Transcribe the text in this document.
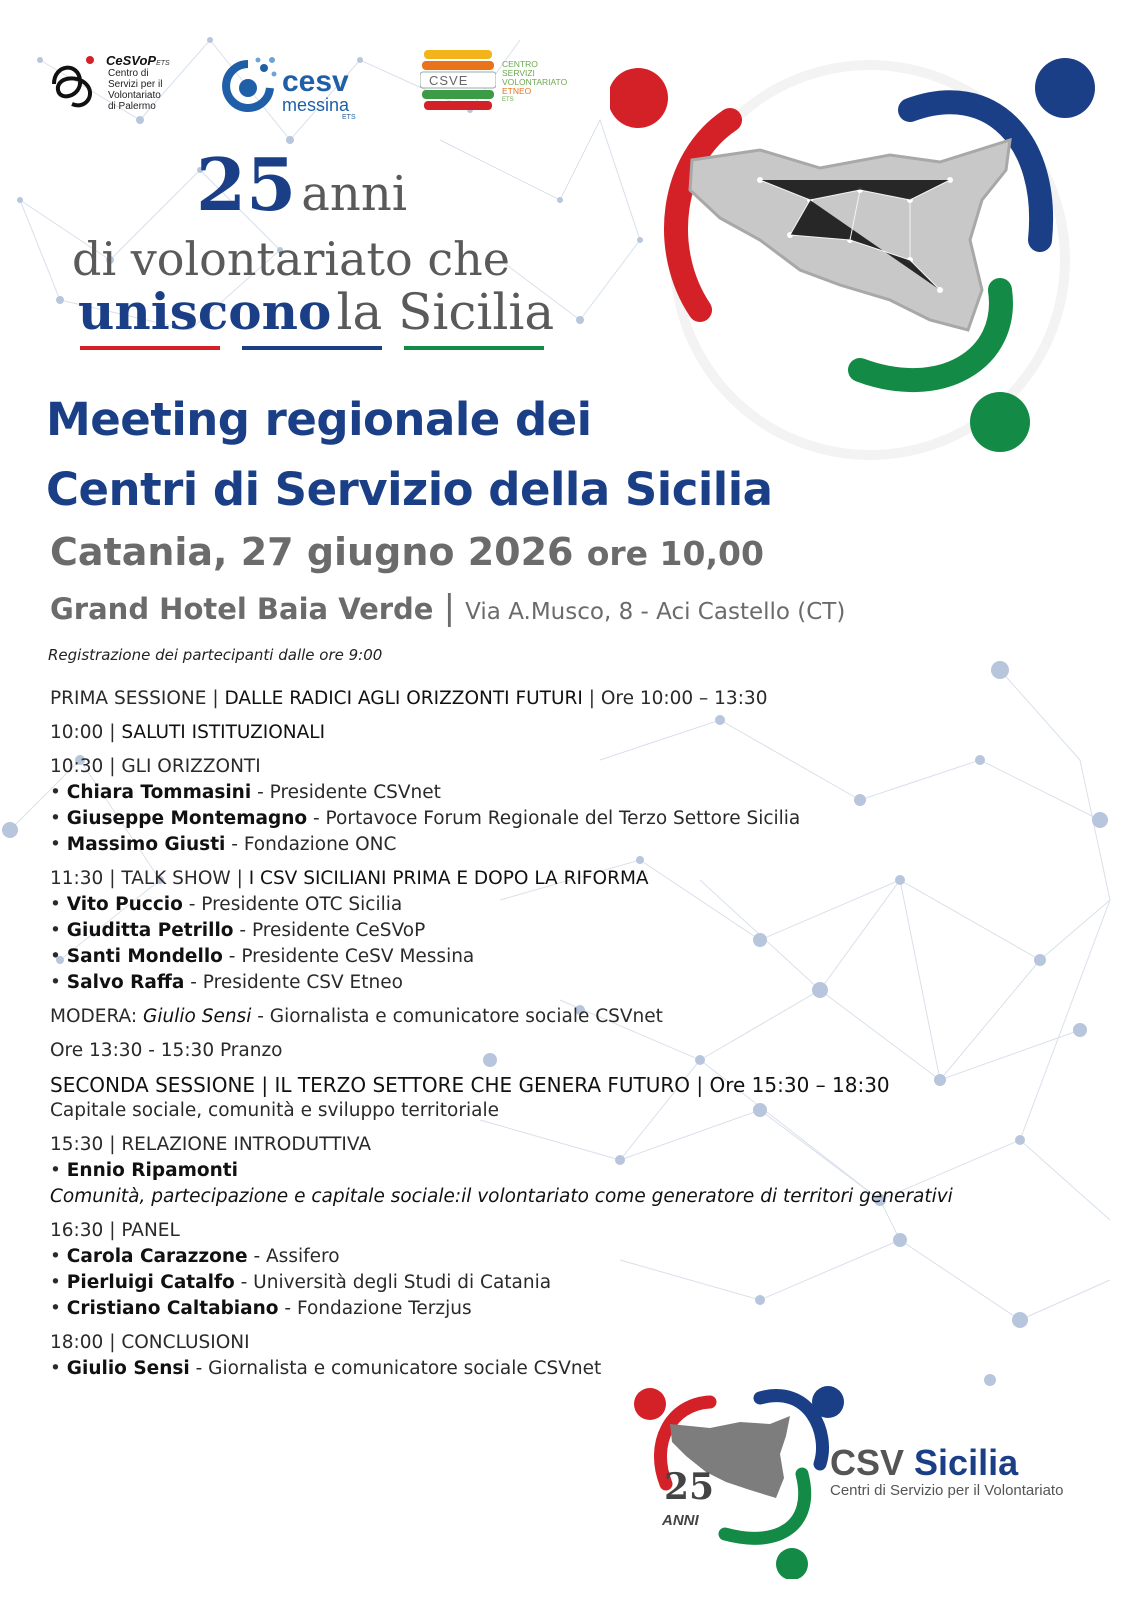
CeSVoPETS
Centro di
Servizi per il
Volontariato
di Palermo
cesv
messina
ETS
CSVE
CENTRO
SERVIZI
VOLONTARIATO
ETNEO
ETS
25 anni
di volontariato che
uniscono la Sicilia
Meeting regionale dei
Centri di Servizio della Sicilia
Catania, 27 giugno 2026 ore 10,00
Grand Hotel Baia Verde | Via A.Musco, 8 - Aci Castello (CT)
Registrazione dei partecipanti dalle ore 9:00
PRIMA SESSIONE | DALLE RADICI AGLI ORIZZONTI FUTURI | Ore 10:00 – 13:30
10:00 | SALUTI ISTITUZIONALI
10:30 | GLI ORIZZONTI
• Chiara Tommasini - Presidente CSVnet
• Giuseppe Montemagno - Portavoce Forum Regionale del Terzo Settore Sicilia
• Massimo Giusti - Fondazione ONC
11:30 | TALK SHOW | I CSV SICILIANI PRIMA E DOPO LA RIFORMA
• Vito Puccio - Presidente OTC Sicilia
• Giuditta Petrillo - Presidente CeSVoP
• Santi Mondello - Presidente CeSV Messina
• Salvo Raffa - Presidente CSV Etneo
MODERA: Giulio Sensi - Giornalista e comunicatore sociale CSVnet
Ore 13:30 - 15:30 Pranzo
SECONDA SESSIONE | IL TERZO SETTORE CHE GENERA FUTURO | Ore 15:30 – 18:30
Capitale sociale, comunità e sviluppo territoriale
15:30 | RELAZIONE INTRODUTTIVA
• Ennio Ripamonti
Comunità, partecipazione e capitale sociale:il volontariato come generatore di territori generativi
16:30 | PANEL
• Carola Carazzone - Assifero
• Pierluigi Catalfo - Università degli Studi di Catania
• Cristiano Caltabiano - Fondazione Terzjus
18:00 | CONCLUSIONI
• Giulio Sensi - Giornalista e comunicatore sociale CSVnet
25
ANNI
CSV Sicilia
Centri di Servizio per il Volontariato
